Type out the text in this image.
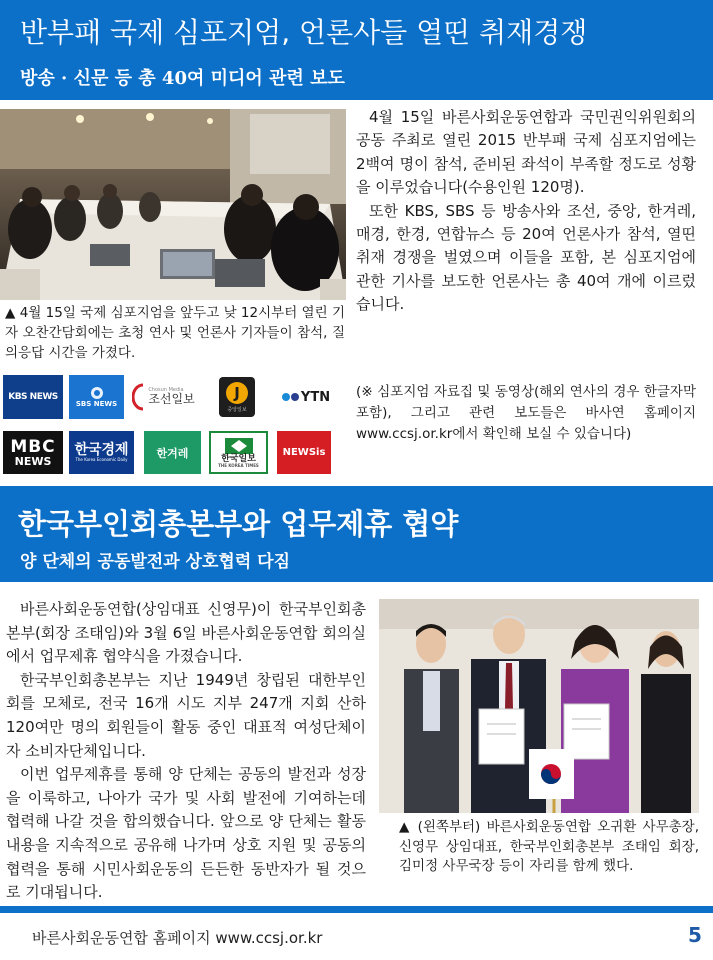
반부패 국제 심포지엄, 언론사들 열띤 취재경쟁
방송 · 신문 등 총 40여 미디어 관련 보도
▲ 4월 15일 국제 심포지엄을 앞두고 낮 12시부터 열린 기자 오찬간담회에는 초청 연사 및 언론사 기자들이 참석, 질의응답 시간을 가졌다.
KBS NEWS
SBS NEWS
Chosun Media
조선일보	J
중앙일보
YTN
MBC
NEWS
한국경제
The Korea Economic Daily	한겨레	한국일보
THE KOREA TIMES
NEWSis

4월 15일 바른사회운동연합과 국민권익위원회의 공동 주최로 열린 2015 반부패 국제 심포지엄에는 2백여 명이 참석, 준비된 좌석이 부족할 정도로 성황을 이루었습니다(수용인원 120명).

또한 KBS, SBS 등 방송사와 조선, 중앙, 한겨레, 매경, 한경, 연합뉴스 등 20여 언론사가 참석, 열띤 취재 경쟁을 벌였으며 이들을 포함, 본 심포지엄에 관한 기사를 보도한 언론사는 총 40여 개에 이르렀습니다.

(※ 심포지엄 자료집 및 동영상(해외 연사의 경우 한글자막 포함), 그리고 관련 보도들은 바사연 홈페이지 www.ccsj.or.kr에서 확인해 보실 수 있습니다)
한국부인회총본부와 업무제휴 협약
양 단체의 공동발전과 상호협력 다짐

바른사회운동연합(상임대표 신영무)이 한국부인회총본부(회장 조태임)와 3월 6일 바른사회운동연합 회의실에서 업무제휴 협약식을 가졌습니다.

한국부인회총본부는 지난 1949년 창립된 대한부인회를 모체로, 전국 16개 시도 지부 247개 지회 산하 120여만 명의 회원들이 활동 중인 대표적 여성단체이자 소비자단체입니다.

이번 업무제휴를 통해 양 단체는 공동의 발전과 성장을 이룩하고, 나아가 국가 및 사회 발전에 기여하는데 협력해 나갈 것을 합의했습니다. 앞으로 양 단체는 활동 내용을 지속적으로 공유해 나가며 상호 지원 및 공동의 협력을 통해 시민사회운동의 든든한 동반자가 될 것으로 기대됩니다.

▲ (왼쪽부터) 바른사회운동연합 오귀환 사무총장, 신영무 상임대표, 한국부인회총본부 조태임 회장, 김미정 사무국장 등이 자리를 함께 했다.
바른사회운동연합 홈페이지 www.ccsj.or.kr	5
